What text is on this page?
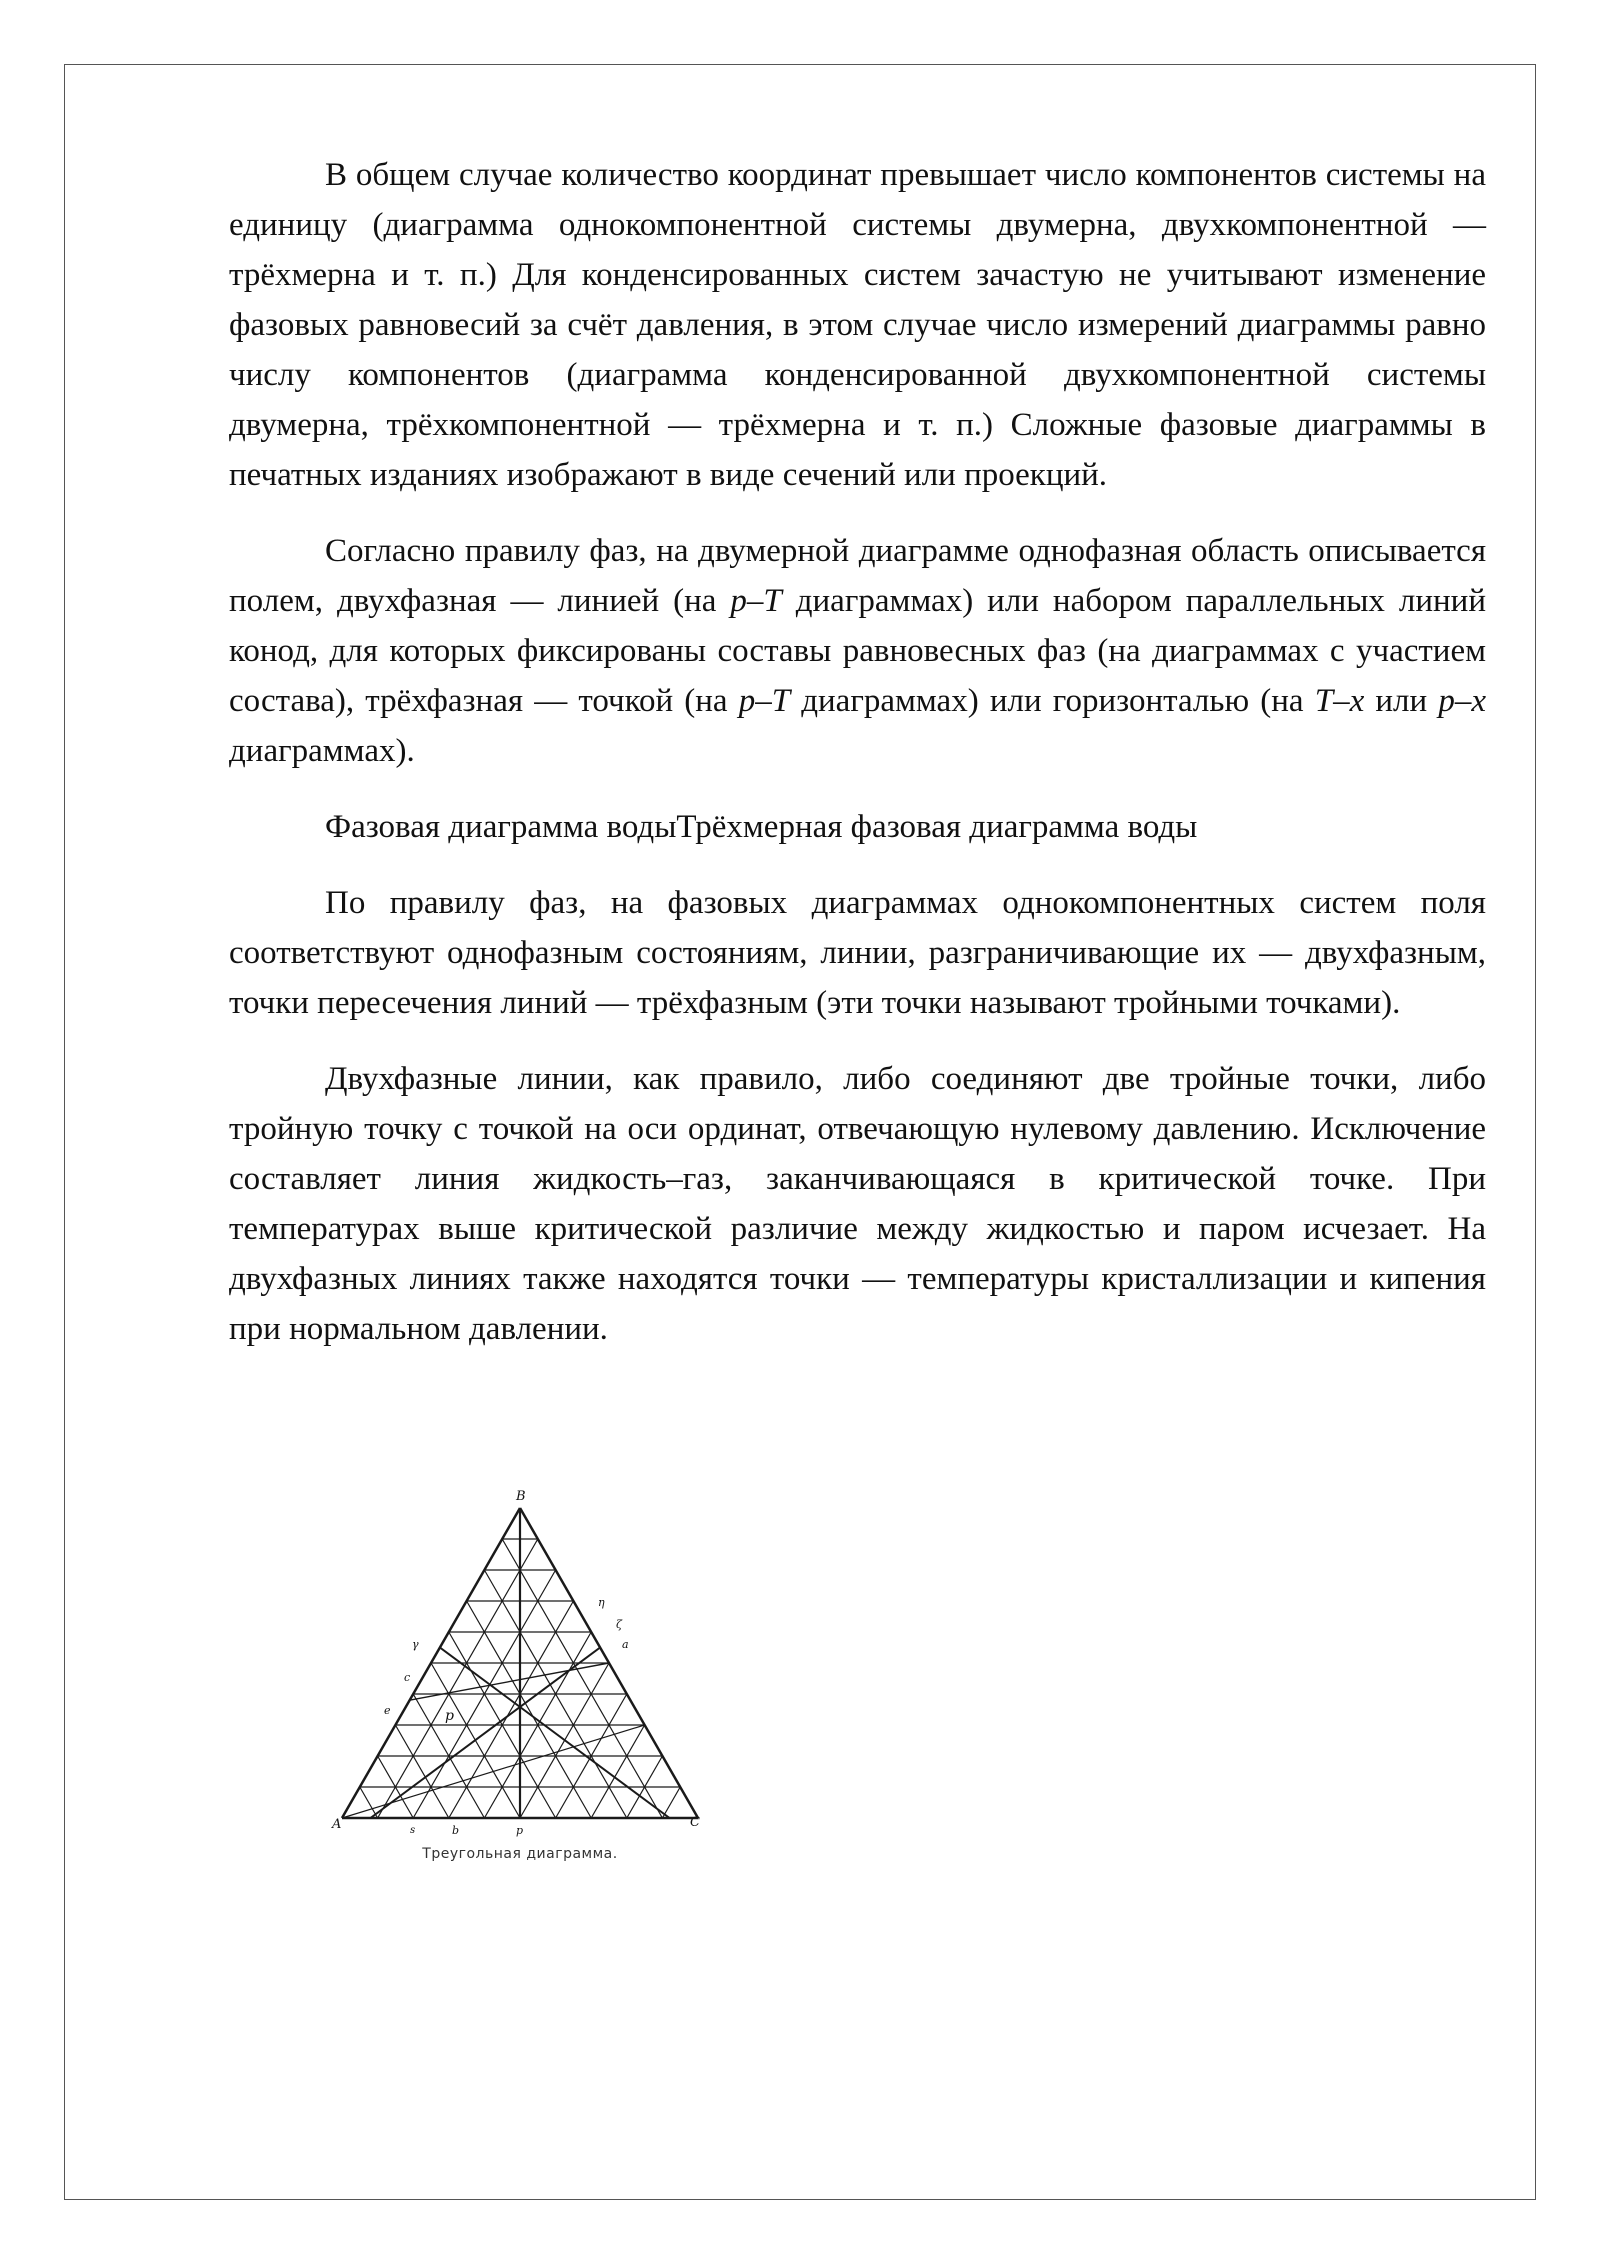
В общем случае количество координат превышает число компонентов системы на единицу (диаграмма однокомпонентной системы двумерна, двухкомпонентной — трёхмерна и т. п.) Для конденсированных систем зачастую не учитывают изменение фазовых равновесий за счёт давления, в этом случае число измерений диаграммы равно числу компонентов (диаграмма конденсированной двухкомпонентной системы двумерна, трёхкомпонентной — трёхмерна и т. п.) Сложные фазовые диаграммы в печатных изданиях изображают в виде сечений или проекций.

Согласно правилу фаз, на двумерной диаграмме однофазная область описывается полем, двухфазная — линией (на p–T диаграммах) или набором параллельных линий конод, для которых фиксированы составы равновесных фаз (на диаграммах с участием состава), трёхфазная — точкой (на p–T диаграммах) или горизонталью (на T–x или p–x диаграммах).

Фазовая диаграмма водыТрёхмерная фазовая диаграмма воды

По правилу фаз, на фазовых диаграммах однокомпонентных систем поля соответствуют однофазным состояниям, линии, разграничивающие их — двухфазным, точки пересечения линий — трёхфазным (эти точки называют тройными точками).

Двухфазные линии, как правило, либо соединяют две тройные точки, либо тройную точку с точкой на оси ординат, отвечающую нулевому давлению. Исключение составляет линия жидкость–газ, заканчивающаяся в критической точке. При температурах выше критической различие между жидкостью и паром исчезает. На двухфазных линиях также находятся точки — температуры кристаллизации и кипения при нормальном давлении.

B
A	C
η
ζ
a
γ
c
e
s	b	p
p
Треугольная диаграмма.
